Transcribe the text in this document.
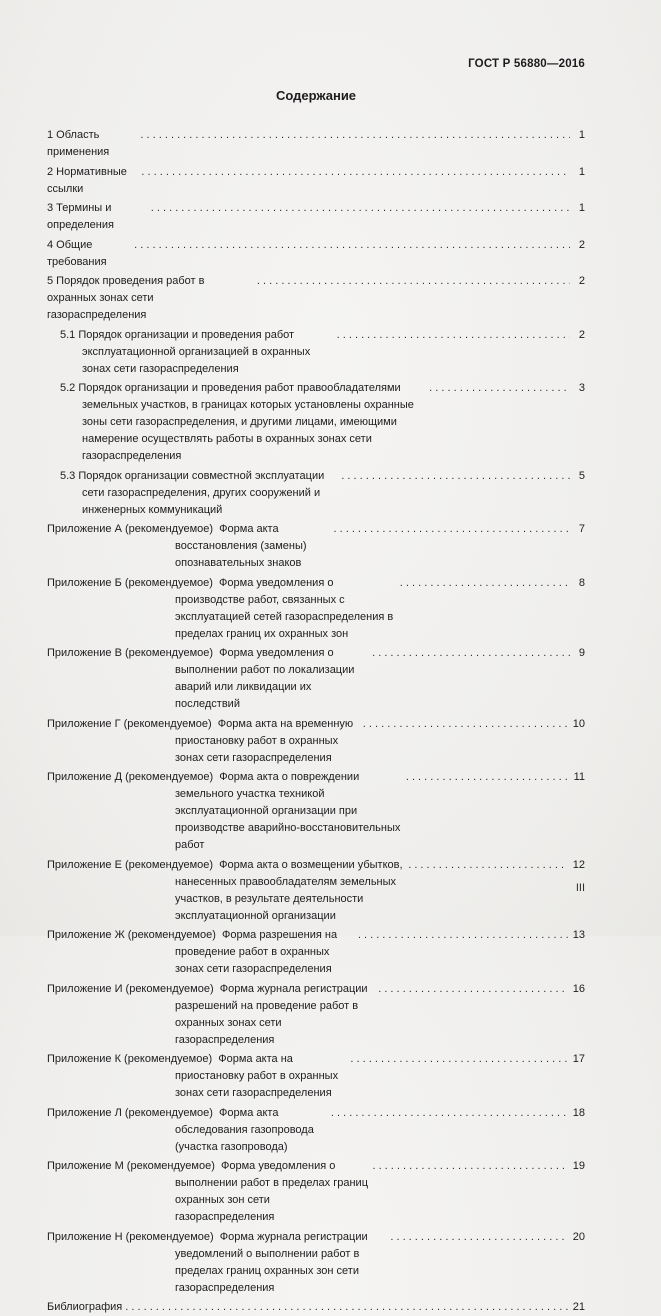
ГОСТ Р 56880—2016
Содержание
1 Область применения
. . .
1
2 Нормативные ссылки
. . .
1
3 Термины и определения
. . .
1
4 Общие требования
. . .
2
5 Порядок проведения работ в охранных зонах сети газораспределения
. . .
2
5.1 Порядок организации и проведения работ эксплуатационной организацией в охранных зонах сети газораспределения
. . .
2
5.2 Порядок организации и проведения работ правообладателями земельных участков, в границах которых установлены охранные зоны сети газораспределения, и другими лицами, имеющими намерение осуществлять работы в охранных зонах сети газораспределения
. . .
3
5.3 Порядок организации совместной эксплуатации сети газораспределения, других сооружений и инженерных коммуникаций
. . .
5
Приложение А (рекомендуемое)  Форма акта восстановления (замены) опознавательных знаков
. . .
7
Приложение Б (рекомендуемое)  Форма уведомления о производстве работ, связанных с эксплуатацией сетей газораспределения в пределах границ их охранных зон
. . .
8
Приложение В (рекомендуемое)  Форма уведомления о выполнении работ по локализации аварий или ликвидации их последствий
. . .
9
Приложение Г (рекомендуемое)  Форма акта на временную приостановку работ в охранных зонах сети газораспределения
. . .
10
Приложение Д (рекомендуемое)  Форма акта о повреждении земельного участка техникой эксплуатационной организации при производстве аварийно-восстановительных работ
. . .
11
Приложение Е (рекомендуемое)  Форма акта о возмещении убытков, нанесенных правообладателям земельных участков, в результате деятельности эксплуатационной организации
. . .
12
Приложение Ж (рекомендуемое)  Форма разрешения на проведение работ в охранных зонах сети газораспределения
. . .
13
Приложение И (рекомендуемое)  Форма журнала регистрации разрешений на проведение работ в охранных зонах сети газораспределения
. . .
16
Приложение К (рекомендуемое)  Форма акта на приостановку работ в охранных зонах сети газораспределения
. . .
17
Приложение Л (рекомендуемое)  Форма акта обследования газопровода (участка газопровода)
. . .
18
Приложение М (рекомендуемое)  Форма уведомления о выполнении работ в пределах границ охранных зон сети газораспределения
. . .
19
Приложение Н (рекомендуемое)  Форма журнала регистрации уведомлений о выполнении работ в пределах границ охранных зон сети газораспределения
. . .
20
Библиография . . .	21
III
